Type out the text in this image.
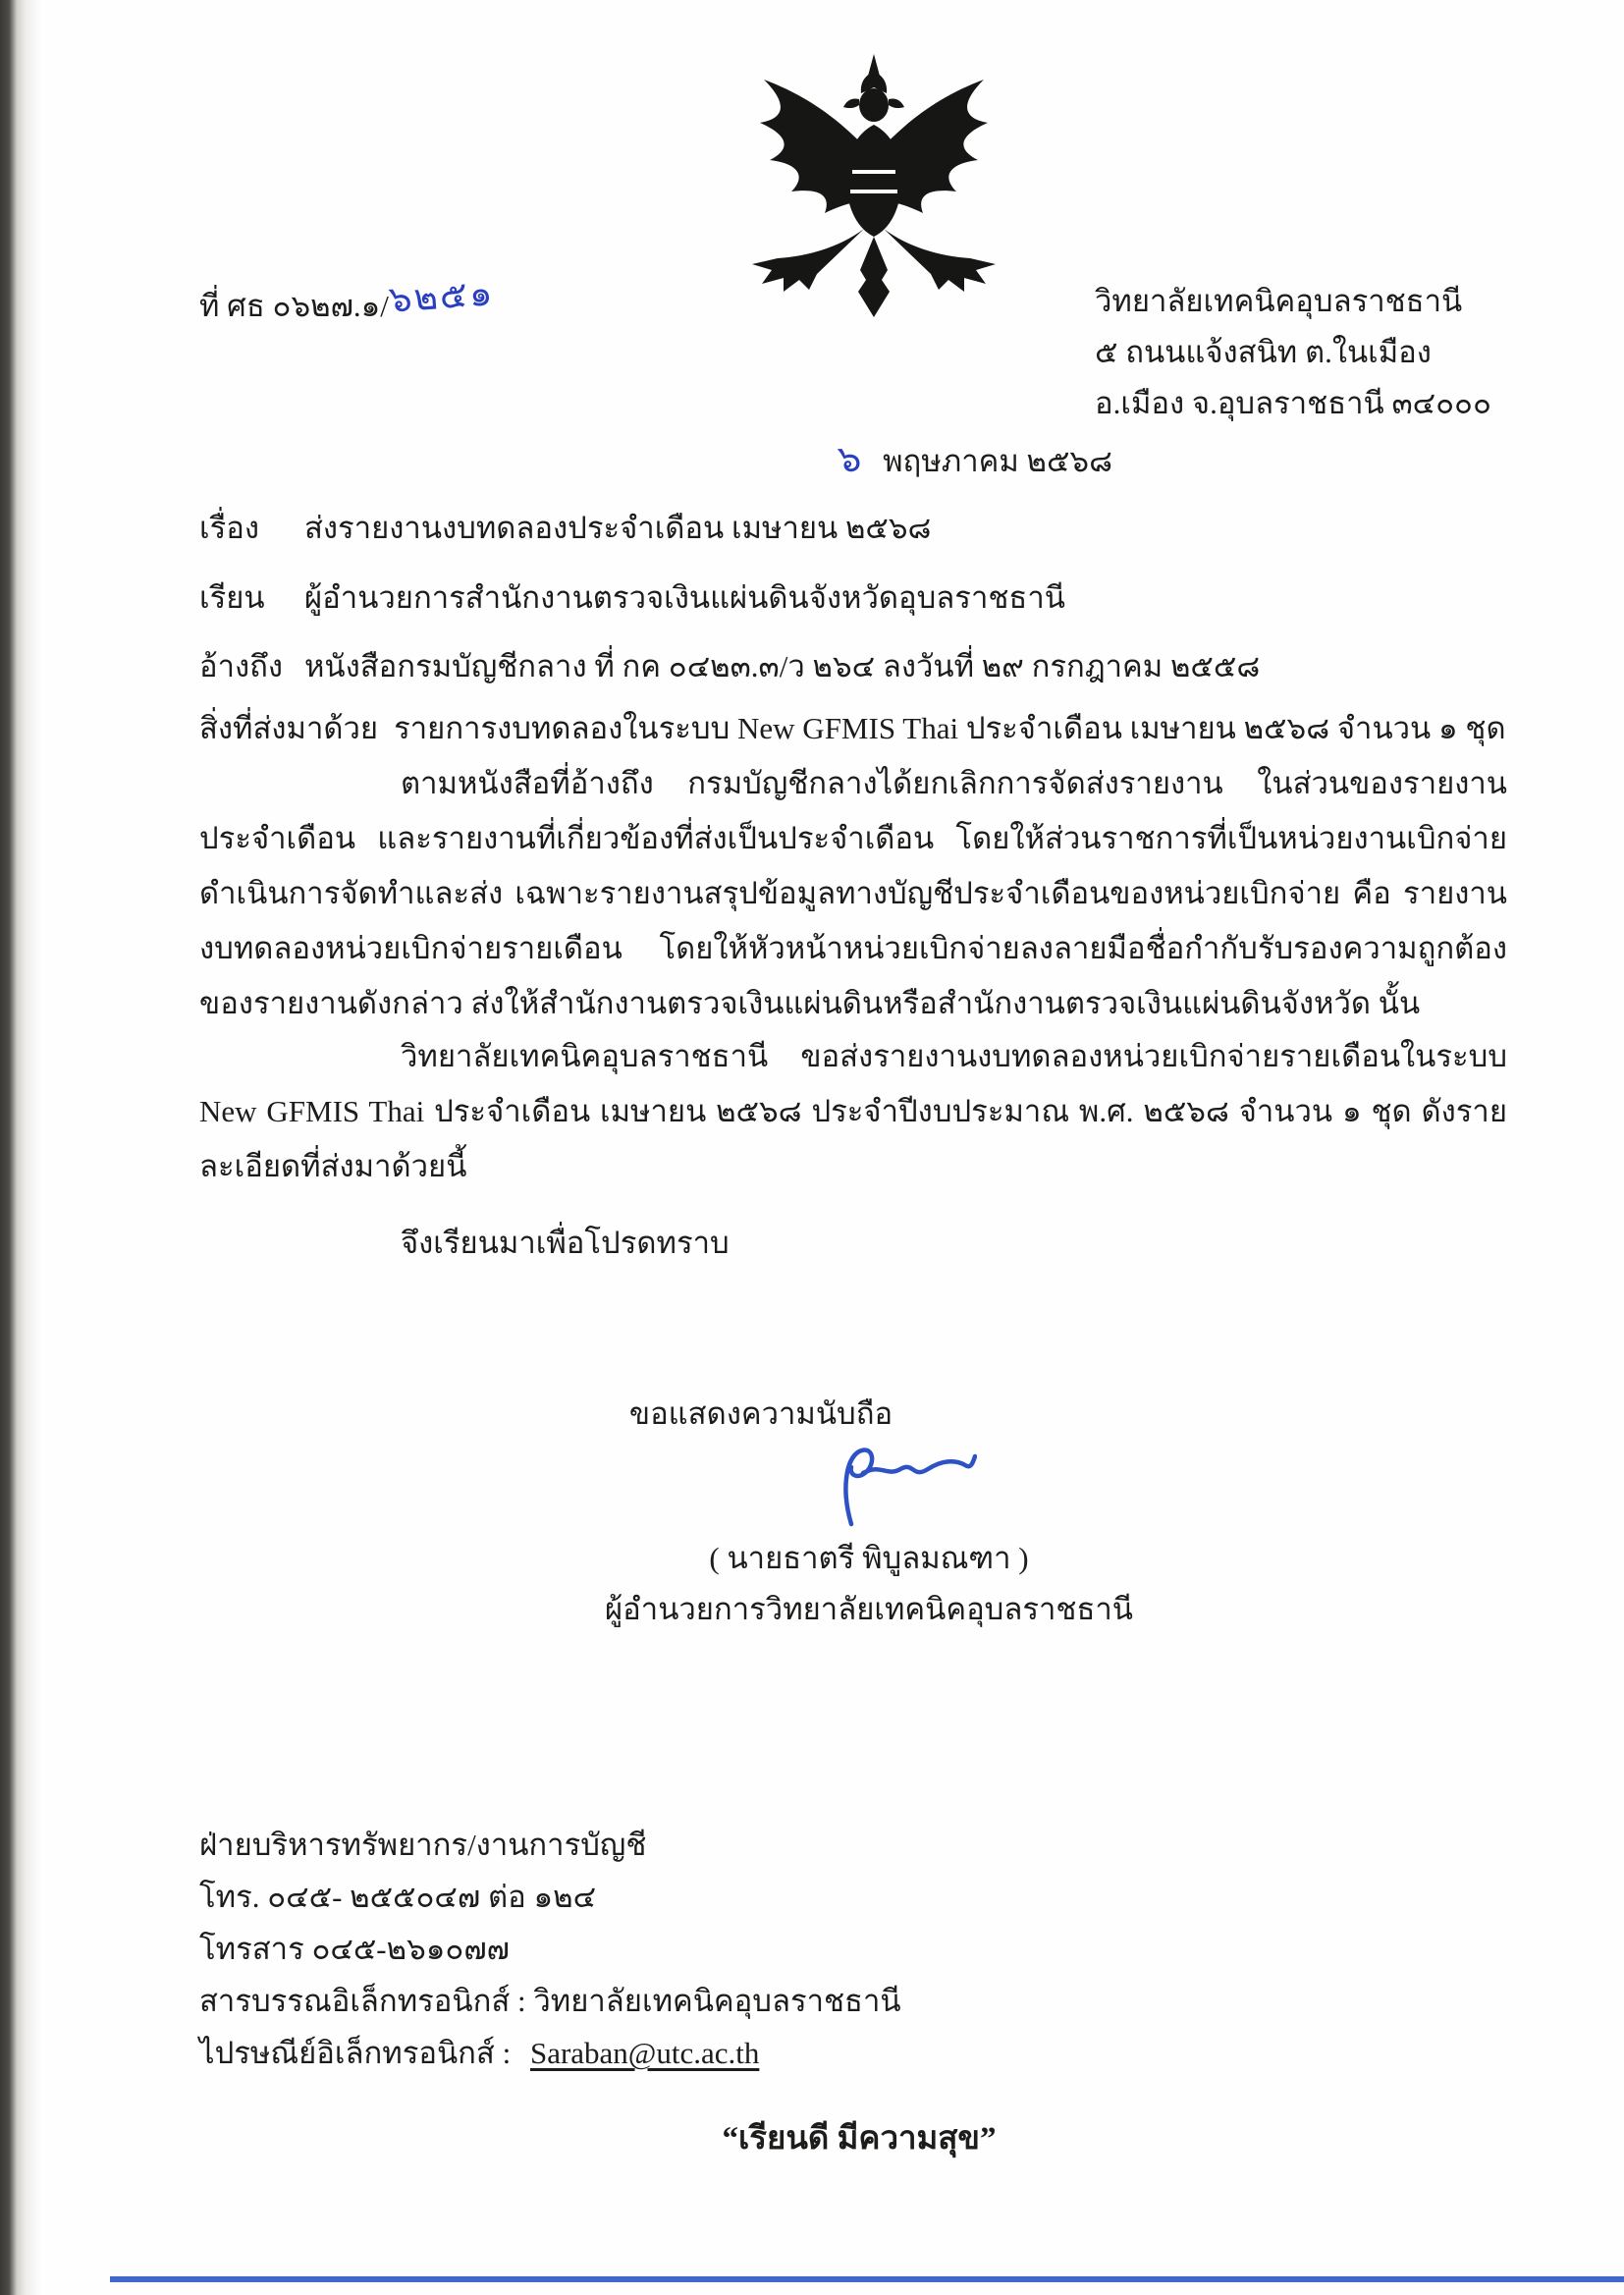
ที่ ศธ ๐๖๒๗.๑/๖๒๕๑	วิทยาลัยเทคนิคอุบลราชธานี
๕ ถนนแจ้งสนิท ต.ในเมือง
อ.เมือง จ.อุบลราชธานี ๓๔๐๐๐
๖ พฤษภาคม ๒๕๖๘
เรื่อง	ส่งรายงานงบทดลองประจำเดือน เมษายน ๒๕๖๘
เรียน	ผู้อำนวยการสำนักงานตรวจเงินแผ่นดินจังหวัดอุบลราชธานี
อ้างถึง หนังสือกรมบัญชีกลาง ที่ กค ๐๔๒๓.๓/ว ๒๖๔ ลงวันที่ ๒๙ กรกฎาคม ๒๕๕๘
สิ่งที่ส่งมาด้วย รายการงบทดลองในระบบ New GFMIS Thai ประจำเดือน เมษายน ๒๕๖๘ จำนวน ๑ ชุด

ตามหนังสือที่อ้างถึง กรมบัญชีกลางได้ยกเลิกการจัดส่งรายงาน ในส่วนของรายงานประจำเดือน และรายงานที่เกี่ยวข้องที่ส่งเป็นประจำเดือน โดยให้ส่วนราชการที่เป็นหน่วยงานเบิกจ่ายดำเนินการจัดทำและส่ง เฉพาะรายงานสรุปข้อมูลทางบัญชีประจำเดือนของหน่วยเบิกจ่าย คือ รายงานงบทดลองหน่วยเบิกจ่ายรายเดือน โดยให้หัวหน้าหน่วยเบิกจ่ายลงลายมือชื่อกำกับรับรองความถูกต้องของรายงานดังกล่าว ส่งให้สำนักงานตรวจเงินแผ่นดินหรือสำนักงานตรวจเงินแผ่นดินจังหวัด นั้น

วิทยาลัยเทคนิคอุบลราชธานี ขอส่งรายงานงบทดลองหน่วยเบิกจ่ายรายเดือนในระบบ New GFMIS Thai ประจำเดือน เมษายน ๒๕๖๘ ประจำปีงบประมาณ พ.ศ. ๒๕๖๘ จำนวน ๑ ชุด ดังรายละเอียดที่ส่งมาด้วยนี้

จึงเรียนมาเพื่อโปรดทราบ
ขอแสดงความนับถือ
( นายธาตรี พิบูลมณฑา )
ผู้อำนวยการวิทยาลัยเทคนิคอุบลราชธานี
ฝ่ายบริหารทรัพยากร/งานการบัญชี
โทร. ๐๔๕- ๒๕๕๐๔๗ ต่อ ๑๒๔
โทรสาร ๐๔๕-๒๖๑๐๗๗
สารบรรณอิเล็กทรอนิกส์ : วิทยาลัยเทคนิคอุบลราชธานี
ไปรษณีย์อิเล็กทรอนิกส์ : Saraban@utc.ac.th
“เรียนดี มีความสุข”
